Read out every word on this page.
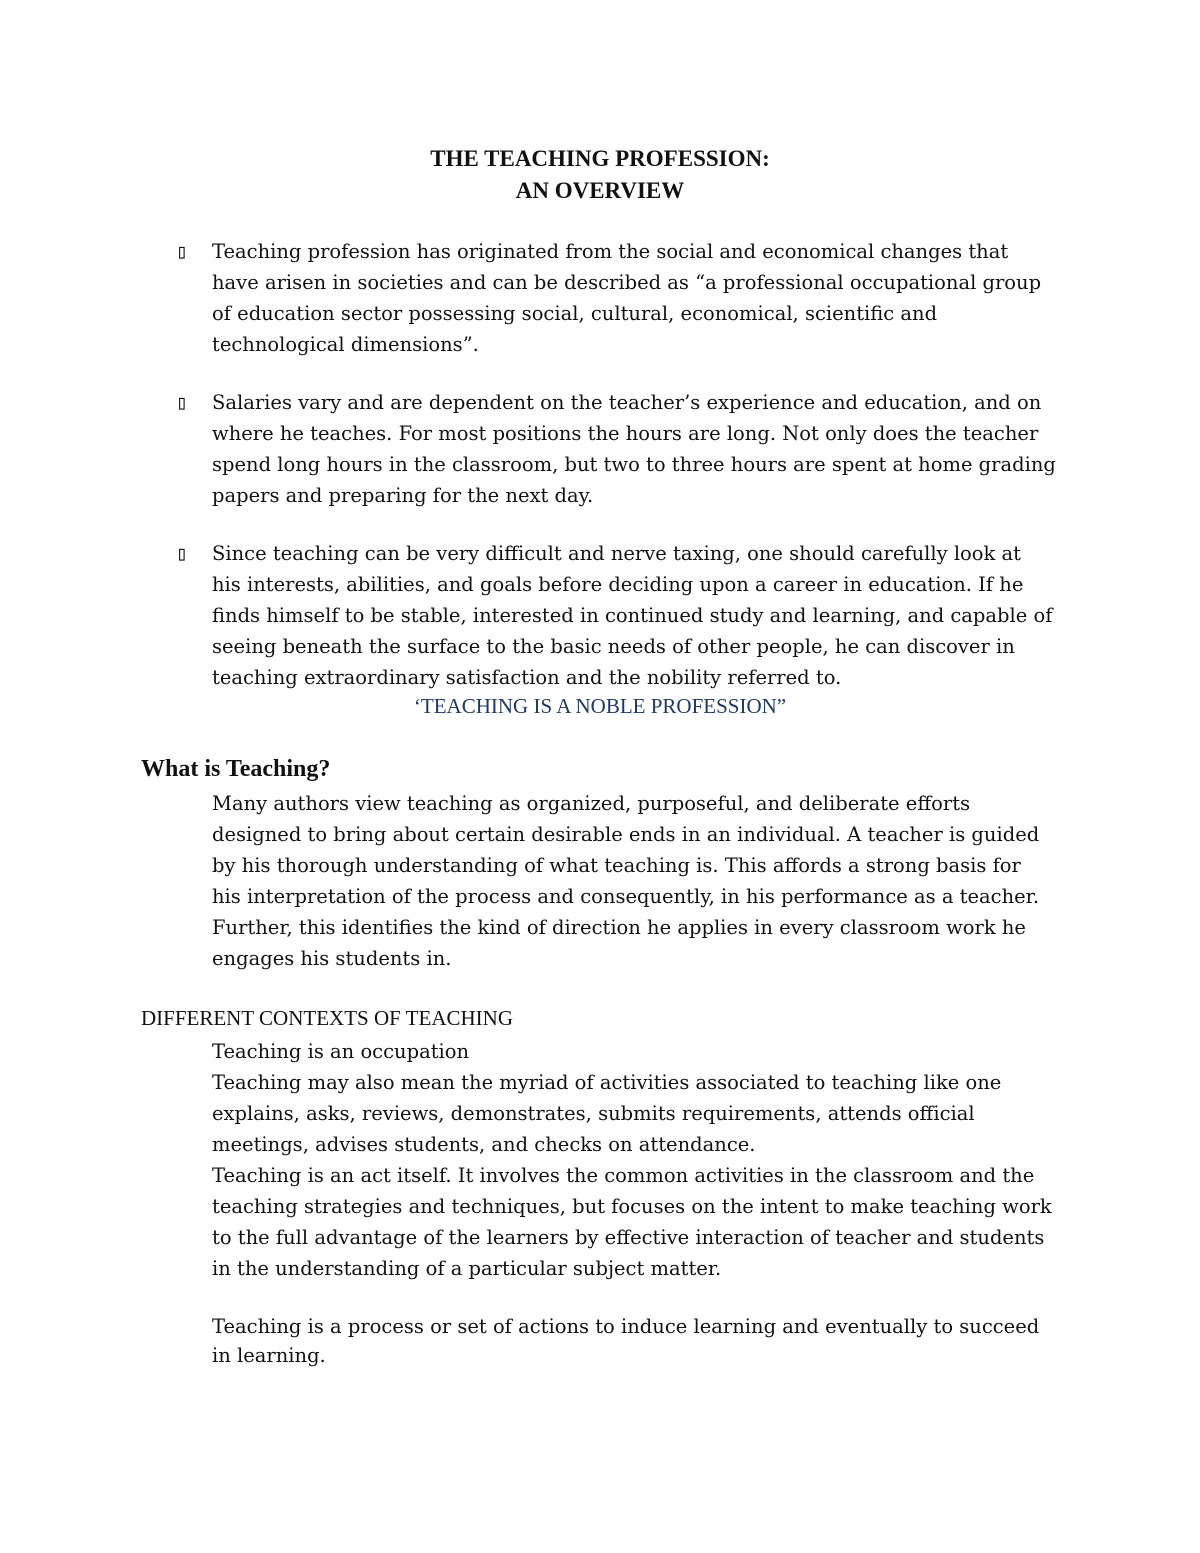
THE TEACHING PROFESSION:
AN OVERVIEW
▯ Teaching profession has originated from the social and economical changes that
have arisen in societies and can be described as “a professional occupational group
of education sector possessing social, cultural, economical, scientific and
technological dimensions”.
▯ Salaries vary and are dependent on the teacher’s experience and education, and on
where he teaches. For most positions the hours are long. Not only does the teacher
spend long hours in the classroom, but two to three hours are spent at home grading
papers and preparing for the next day.
▯ Since teaching can be very difficult and nerve taxing, one should carefully look at
his interests, abilities, and goals before deciding upon a career in education. If he
finds himself to be stable, interested in continued study and learning, and capable of
seeing beneath the surface to the basic needs of other people, he can discover in
teaching extraordinary satisfaction and the nobility referred to.
‘TEACHING IS A NOBLE PROFESSION”
What is Teaching?
Many authors view teaching as organized, purposeful, and deliberate efforts
designed to bring about certain desirable ends in an individual. A teacher is guided
by his thorough understanding of what teaching is. This affords a strong basis for
his interpretation of the process and consequently, in his performance as a teacher.
Further, this identifies the kind of direction he applies in every classroom work he
engages his students in.
DIFFERENT CONTEXTS OF TEACHING
Teaching is an occupation
Teaching may also mean the myriad of activities associated to teaching like one
explains, asks, reviews, demonstrates, submits requirements, attends official
meetings, advises students, and checks on attendance.
Teaching is an act itself. It involves the common activities in the classroom and the
teaching strategies and techniques, but focuses on the intent to make teaching work
to the full advantage of the learners by effective interaction of teacher and students
in the understanding of a particular subject matter.
Teaching is a process or set of actions to induce learning and eventually to succeed
in learning.
